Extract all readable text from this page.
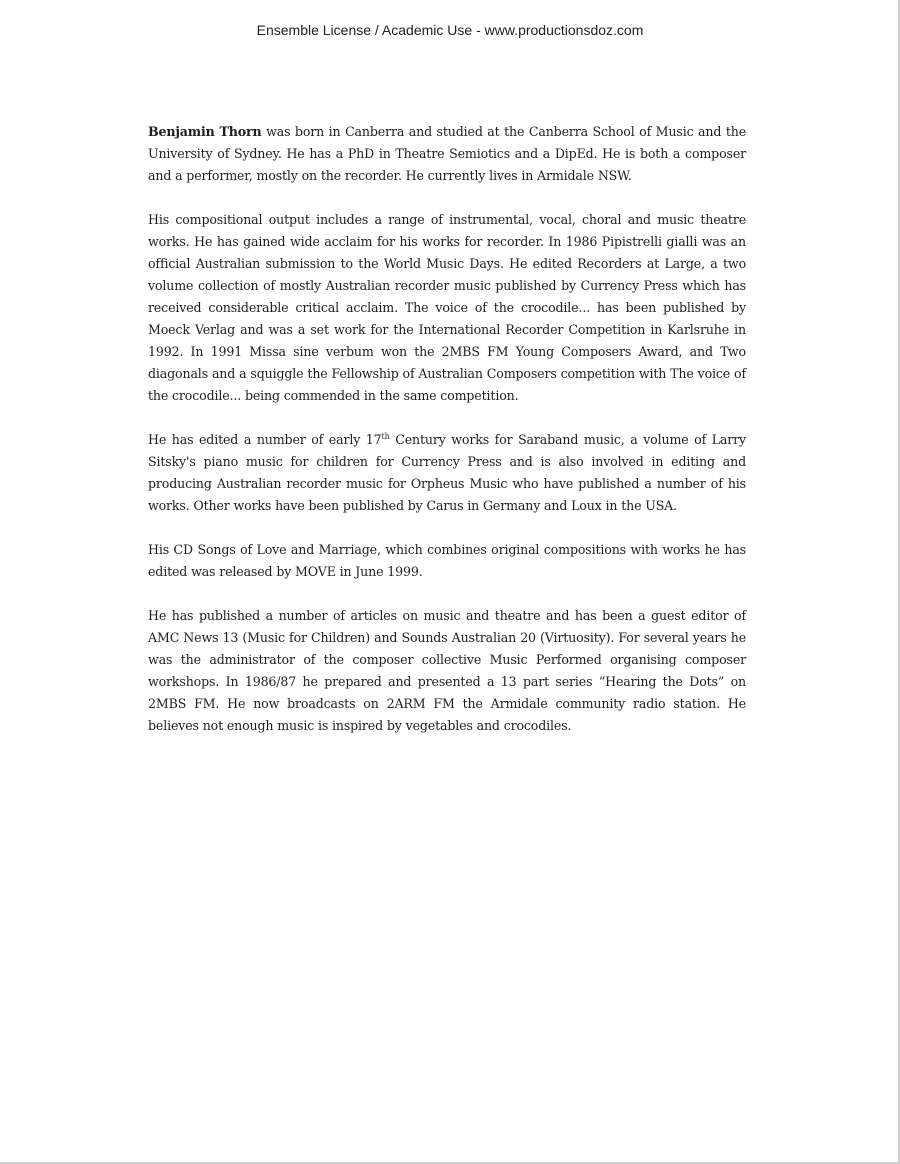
Ensemble License / Academic Use - www.productionsdoz.com

Benjamin Thorn was born in Canberra and studied at the Canberra School of Music and the University of Sydney. He has a PhD in Theatre Semiotics and a DipEd. He is both a composer and a performer, mostly on the recorder. He currently lives in Armidale NSW.

His compositional output includes a range of instrumental, vocal, choral and music theatre works. He has gained wide acclaim for his works for recorder. In 1986 Pipistrelli gialli was an official Australian submission to the World Music Days. He edited Recorders at Large, a two volume collection of mostly Australian recorder music published by Currency Press which has received considerable critical acclaim. The voice of the crocodile... has been published by Moeck Verlag and was a set work for the International Recorder Competition in Karlsruhe in 1992. In 1991 Missa sine verbum won the 2MBS FM Young Composers Award, and Two diagonals and a squiggle the Fellowship of Australian Composers competition with The voice of the crocodile... being commended in the same competition.

He has edited a number of early 17th Century works for Saraband music, a volume of Larry Sitsky's piano music for children for Currency Press and is also involved in editing and producing Australian recorder music for Orpheus Music who have published a number of his works. Other works have been published by Carus in Germany and Loux in the USA.

His CD Songs of Love and Marriage, which combines original compositions with works he has edited was released by MOVE in June 1999.

He has published a number of articles on music and theatre and has been a guest editor of AMC News 13 (Music for Children) and Sounds Australian 20 (Virtuosity). For several years he was the administrator of the composer collective Music Performed organising composer workshops. In 1986/87 he prepared and presented a 13 part series “Hearing the Dots” on 2MBS FM. He now broadcasts on 2ARM FM the Armidale community radio station. He believes not enough music is inspired by vegetables and crocodiles.
